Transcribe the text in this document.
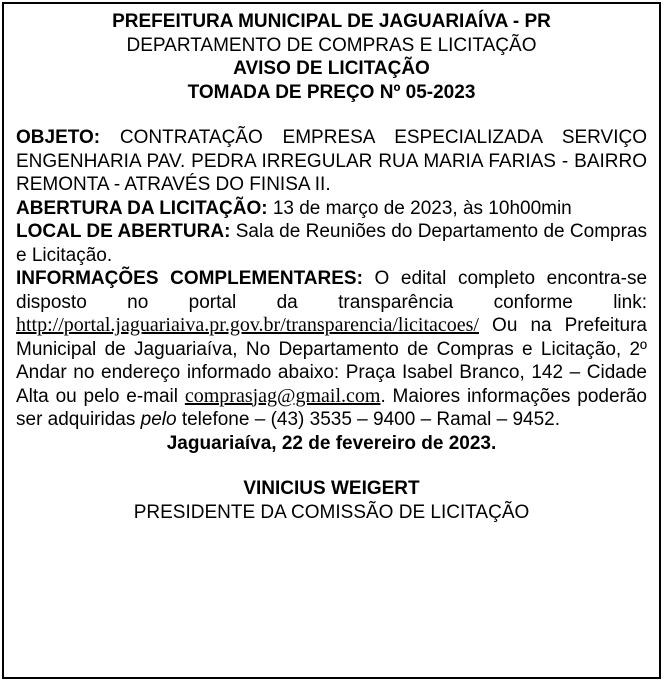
PREFEITURA MUNICIPAL DE JAGUARIAÍVA - PR
DEPARTAMENTO DE COMPRAS E LICITAÇÃO
AVISO DE LICITAÇÃO
TOMADA DE PREÇO Nº 05-2023
OBJETO: CONTRATAÇÃO EMPRESA ESPECIALIZADA SERVIÇO ENGENHARIA PAV. PEDRA IRREGULAR RUA MARIA FARIAS - BAIRRO REMONTA - ATRAVÉS DO FINISA II.
ABERTURA DA LICITAÇÃO: 13 de março de 2023, às 10h00min
LOCAL DE ABERTURA: Sala de Reuniões do Departamento de Compras e Licitação.
INFORMAÇÕES COMPLEMENTARES: O edital completo encontra-se disposto no portal da transparência conforme link: http://portal.jaguariaiva.pr.gov.br/transparencia/licitacoes/ Ou na Prefeitura Municipal de Jaguariaíva, No Departamento de Compras e Licitação, 2º Andar no endereço informado abaixo: Praça Isabel Branco, 142 – Cidade Alta ou pelo e-mail comprasjag@gmail.com. Maiores informações poderão ser adquiridas pelo telefone – (43) 3535 – 9400 – Ramal – 9452.
Jaguariaíva, 22 de fevereiro de 2023.
VINICIUS WEIGERT
PRESIDENTE DA COMISSÃO DE LICITAÇÃO
